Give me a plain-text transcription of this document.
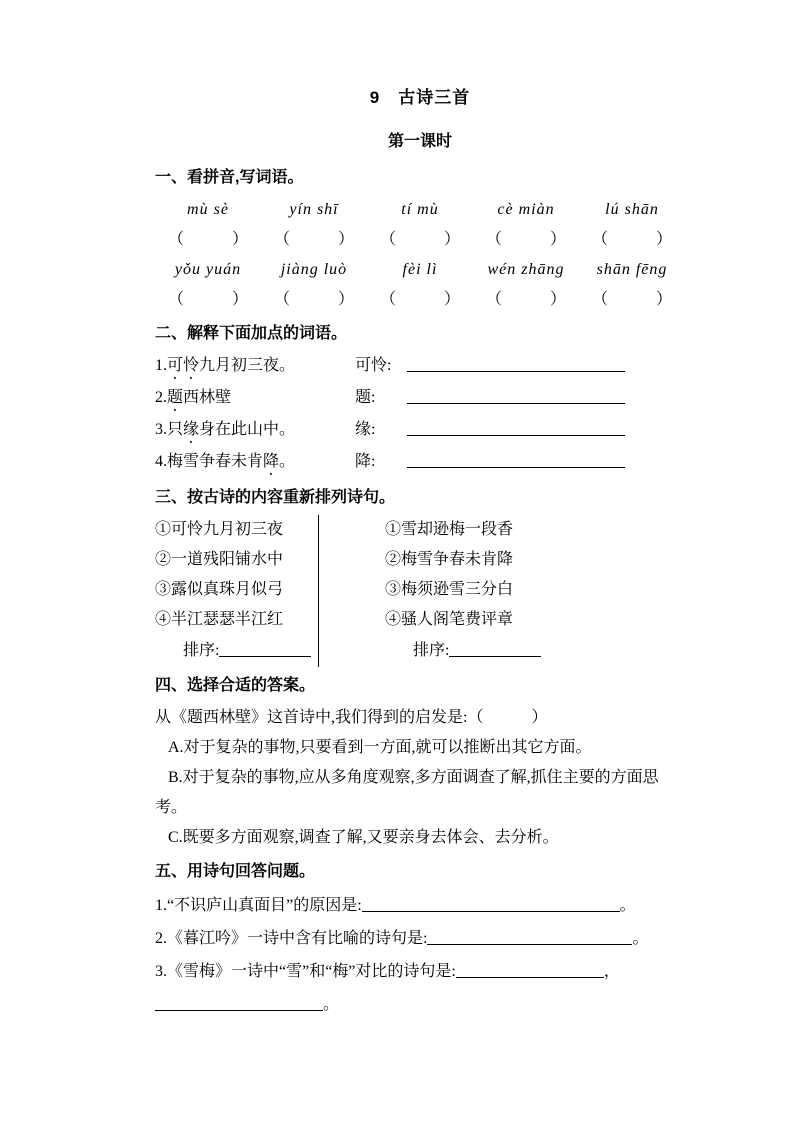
9　古诗三首
第一课时
一、看拼音,写词语。
mù sè	yín shī	tí mù	cè miàn	lú shān
（　　　）	（　　　）	（　　　）	（　　　）	（　　　）
yǒu yuán	jiàng luò	fèi lì	wén zhāng	shān fēng
（　　　）	（　　　）	（　　　）	（　　　）	（　　　）
二、解释下面加点的词语。
1.可怜九月初三夜。	可怜:
2.题西林壁	题:
3.只缘身在此山中。	缘:
4.梅雪争春未肯降。	降:
三、按古诗的内容重新排列诗句。
①可怜九月初三夜
②一道残阳铺水中
③露似真珠月似弓
④半江瑟瑟半江红
排序:
①雪却逊梅一段香
②梅雪争春未肯降
③梅须逊雪三分白
④骚人阁笔费评章
排序:
四、选择合适的答案。
从《题西林壁》这首诗中,我们得到的启发是:（　　　）
A.对于复杂的事物,只要看到一方面,就可以推断出其它方面。
B.对于复杂的事物,应从多角度观察,多方面调查了解,抓住主要的方面思考。
C.既要多方面观察,调查了解,又要亲身去体会、去分析。
五、用诗句回答问题。
1.“不识庐山真面目”的原因是:	。
2.《暮江吟》一诗中含有比喻的诗句是:	。
3.《雪梅》一诗中“雪”和“梅”对比的诗句是:	，
。
